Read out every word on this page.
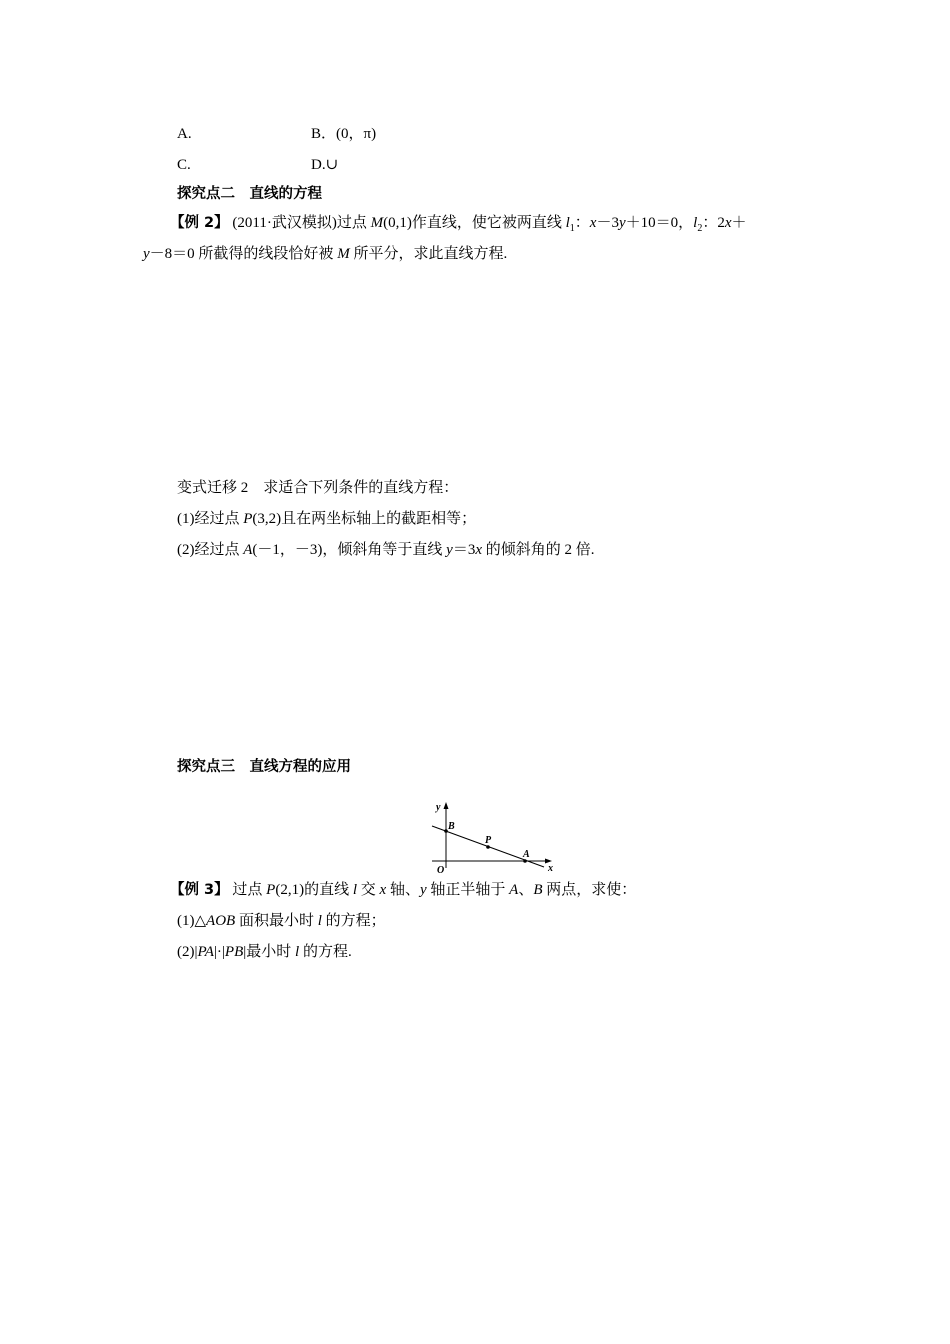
A.	B．(0，π)
C.	D.∪
探究点二　直线的方程
【例 2】 (2011·武汉模拟)过点 M(0,1)作直线，使它被两直线 $l_1$：x－3y＋10＝0，$l_2$：2x＋
y－8＝0 所截得的线段恰好被 M 所平分，求此直线方程.
变式迁移 2　求适合下列条件的直线方程：
(1)经过点 P(3,2)且在两坐标轴上的截距相等；
(2)经过点 A(－1，－3)，倾斜角等于直线 y＝3x 的倾斜角的 2 倍.
探究点三　直线方程的应用
y
x
O
B
P
A
【例 3】 过点 P(2,1)的直线 l 交 x 轴、y 轴正半轴于 A、B 两点，求使：
(1)△AOB 面积最小时 l 的方程；
(2)|PA|·|PB|最小时 l 的方程.
